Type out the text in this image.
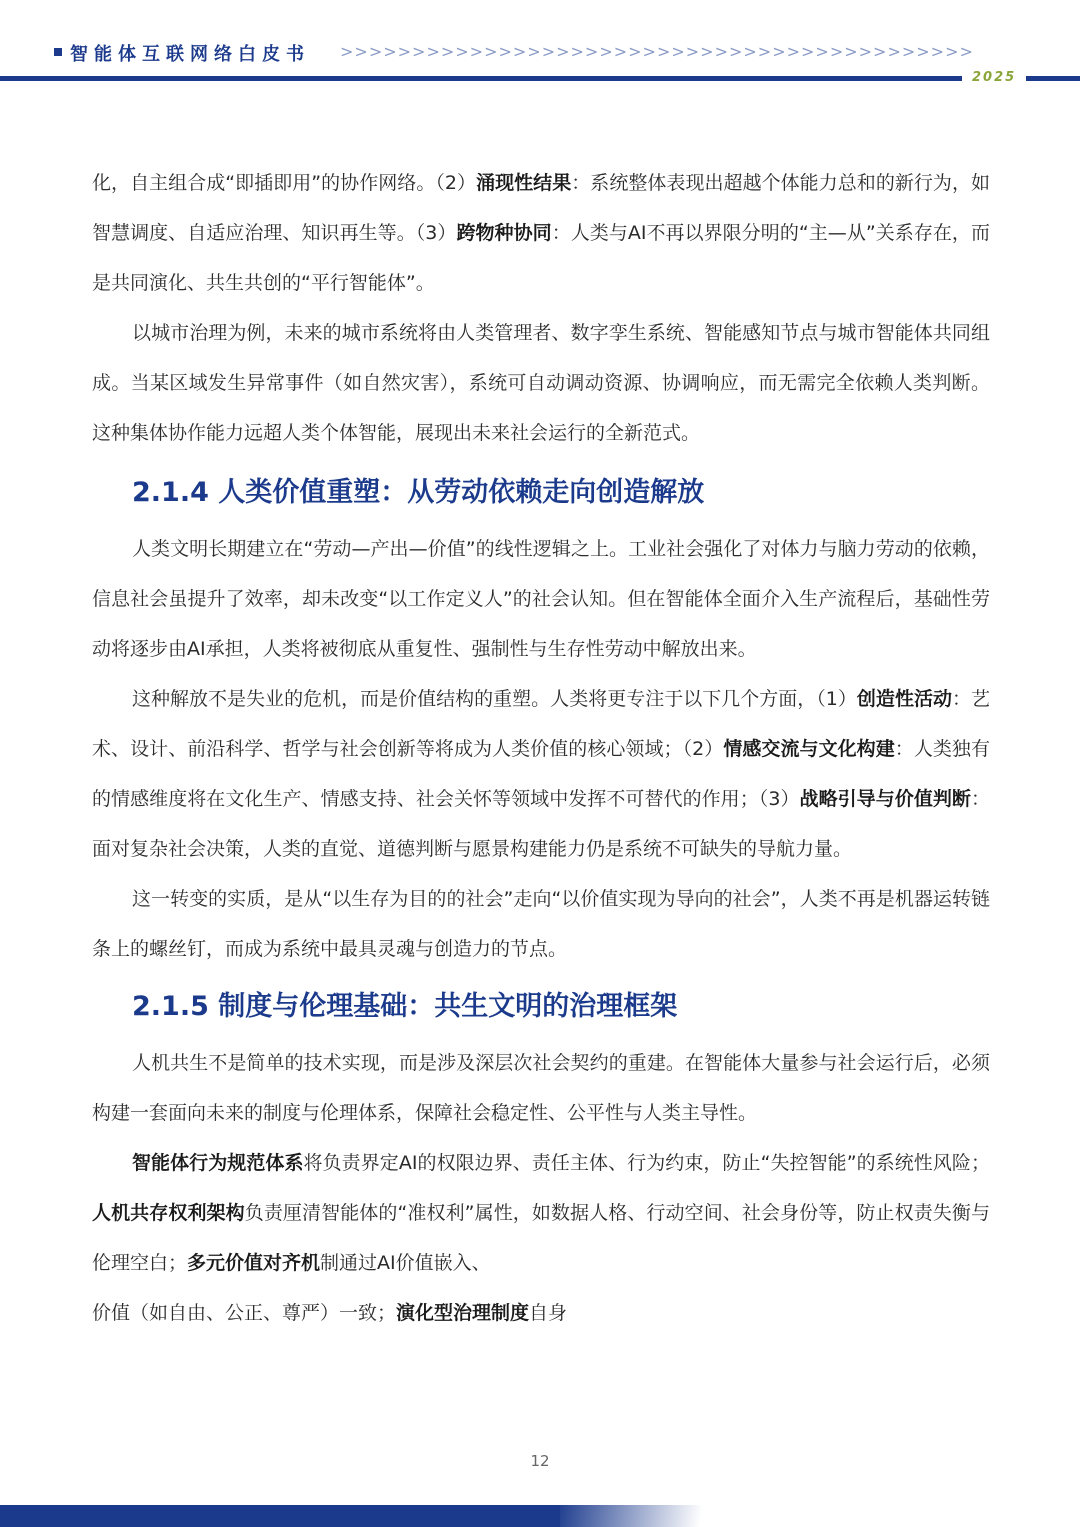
智能体互联网络白皮书 >>>>>>>>>>>>>>>>>>>>>>>>>>>>>>>>>>>>>>>>>>>>
2025

化，自主组合成“即插即用”的协作网络。（2）涌现性结果：系统整体表现出超越个体能力总和的新行为，如智慧调度、自适应治理、知识再生等。（3）跨物种协同：人类与AI不再以界限分明的“主—从”关系存在，而是共同演化、共生共创的“平行智能体”。

以城市治理为例，未来的城市系统将由人类管理者、数字孪生系统、智能感知节点与城市智能体共同组成。当某区域发生异常事件（如自然灾害），系统可自动调动资源、协调响应，而无需完全依赖人类判断。这种集体协作能力远超人类个体智能，展现出未来社会运行的全新范式。

2.1.4 人类价值重塑：从劳动依赖走向创造解放

人类文明长期建立在“劳动—产出—价值”的线性逻辑之上。工业社会强化了对体力与脑力劳动的依赖，信息社会虽提升了效率，却未改变“以工作定义人”的社会认知。但在智能体全面介入生产流程后，基础性劳动将逐步由AI承担，人类将被彻底从重复性、强制性与生存性劳动中解放出来。

这种解放不是失业的危机，而是价值结构的重塑。人类将更专注于以下几个方面，（1）创造性活动：艺术、设计、前沿科学、哲学与社会创新等将成为人类价值的核心领域；（2）情感交流与文化构建：人类独有的情感维度将在文化生产、情感支持、社会关怀等领域中发挥不可替代的作用；（3）战略引导与价值判断：面对复杂社会决策，人类的直觉、道德判断与愿景构建能力仍是系统不可缺失的导航力量。

这一转变的实质，是从“以生存为目的的社会”走向“以价值实现为导向的社会”，人类不再是机器运转链条上的螺丝钉，而成为系统中最具灵魂与创造力的节点。

2.1.5 制度与伦理基础：共生文明的治理框架

人机共生不是简单的技术实现，而是涉及深层次社会契约的重建。在智能体大量参与社会运行后，必须构建一套面向未来的制度与伦理体系，保障社会稳定性、公平性与人类主导性。

智能体行为规范体系将负责界定AI的权限边界、责任主体、行为约束，防止“失控智能”的系统性风险；人机共存权利架构负责厘清智能体的“准权利”属性，如数据人格、行动空间、社会身份等，防止权责失衡与伦理空白；多元价值对齐机制通过AI价值嵌入、

价值（如自由、公正、尊严）一致；演化型治理制度自身

12
